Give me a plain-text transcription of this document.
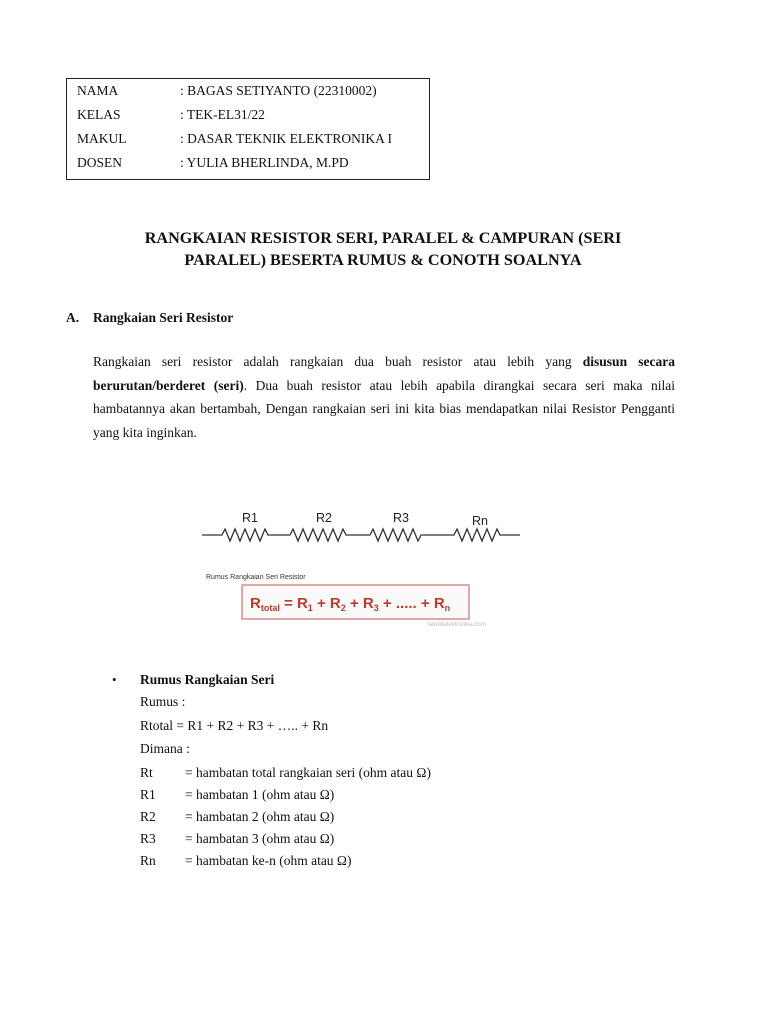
NAMA	: BAGAS SETIYANTO (22310002)
KELAS	: TEK-EL31/22
MAKUL	: DASAR TEKNIK ELEKTRONIKA I
DOSEN	: YULIA BHERLINDA, M.PD
RANGKAIAN RESISTOR SERI, PARALEL & CAMPURAN (SERI
PARALEL) BESERTA RUMUS & CONOTH SOALNYA
A. Rangkaian Seri Resistor
Rangkaian seri resistor adalah rangkaian dua buah resistor atau lebih yang disusun secara berurutan/berderet (seri). Dua buah resistor atau lebih apabila dirangkai secara seri maka nilai hambatannya akan bertambah, Dengan rangkaian seri ini kita bias mendapatkan nilai Resistor Pengganti yang kita inginkan.
R1	R2	R3	Rn
Rumus Rangkaian Seri Resistor
$R_{total} = R_1 + R_2 + R_3$ + ..... + $R_n$
teknikelektronika.com
• Rumus Rangkaian Seri
Rumus :
Rtotal = R1 + R2 + R3 + ….. + Rn
Dimana :
Rt = hambatan total rangkaian seri (ohm atau Ω)
R1 = hambatan 1 (ohm atau Ω)
R2 = hambatan 2 (ohm atau Ω)
R3 = hambatan 3 (ohm atau Ω)
Rn = hambatan ke-n (ohm atau Ω)
